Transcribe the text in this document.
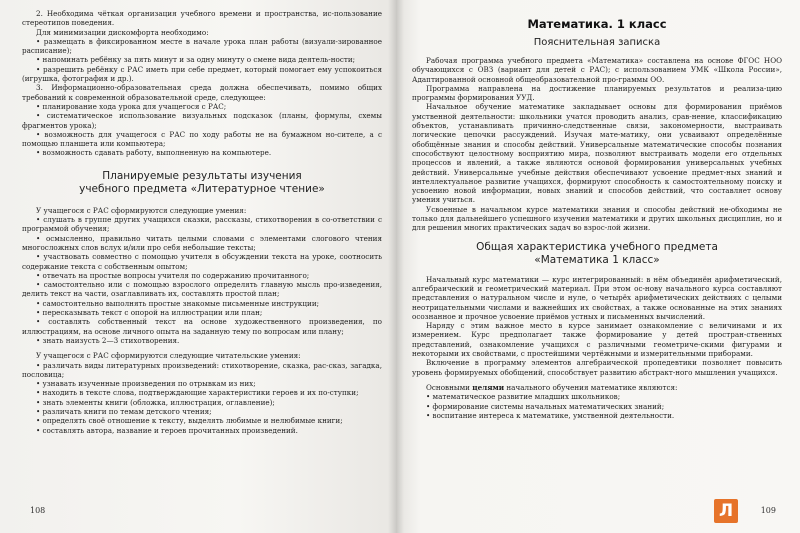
2. Необходима чёткая организация учебного времени и пространства, ис-пользование стереотипов поведения.

Для минимизации дискомфорта необходимо:

• размещать в фиксированном месте в начале урока план работы (визуали-зированное расписание);

• напоминать ребёнку за пять минут и за одну минуту о смене вида деятель-ности;

• разрешить ребёнку с РАС иметь при себе предмет, который помогает ему успокоиться (игрушка, фотография и др.).

3. Информационно-образовательная среда должна обеспечивать, помимо общих требований к современной образовательной среде, следующее:

• планирование хода урока для учащегося с РАС;

• систематическое использование визуальных подсказок (планы, формулы, схемы фрагментов урока);

• возможность для учащегося с РАС по ходу работы не на бумажном но-сителе, а с помощью планшета или компьютера;

• возможность сдавать работу, выполненную на компьютере.

Планируемые результаты изучения
учебного предмета «Литературное чтение»

У учащегося с РАС сформируются следующие умения:

• слушать в группе других учащихся сказки, рассказы, стихотворения в со-ответствии с программой обучения;

• осмысленно, правильно читать целыми словами с элементами слогового чтения многосложных слов вслух и/или про себя небольшие тексты;

• участвовать совместно с помощью учителя в обсуждении текста на уроке, соотносить содержание текста с собственным опытом;

• отвечать на простые вопросы учителя по содержанию прочитанного;

• самостоятельно или с помощью взрослого определять главную мысль про-изведения, делить текст на части, озаглавливать их, составлять простой план;

• самостоятельно выполнять простые знакомые письменные инструкции;

• пересказывать текст с опорой на иллюстрации или план;

• составлять собственный текст на основе художественного произведения, по иллюстрациям, на основе личного опыта на заданную тему по вопросам или плану;

• знать наизусть 2—3 стихотворения.

У учащегося с РАС сформируются следующие читательские умения:

• различать виды литературных произведений: стихотворение, сказка, рас-сказ, загадка, пословица;

• узнавать изученные произведения по отрывкам из них;

• находить в тексте слова, подтверждающие характеристики героев и их по-ступки;

• знать элементы книги (обложка, иллюстрация, оглавление);

• различать книги по темам детского чтения;

• определять своё отношение к тексту, выделять любимые и нелюбимые книги;

• составлять автора, название и героев прочитанных произведений.

108
Математика. 1 класс
Пояснительная записка

Рабочая программа учебного предмета «Математика» составлена на основе ФГОС НОО обучающихся с ОВЗ (вариант для детей с РАС); с использованием УМК «Школа России», Адаптированной основной общеобразовательной про-граммы ОО.

Программа направлена на достижение планируемых результатов и реализа-цию программы формирования УУД.

Начальное обучение математике закладывает основы для формирования приёмов умственной деятельности: школьники учатся проводить анализ, срав-нение, классификацию объектов, устанавливать причинно-следственные связи, закономерности, выстраивать логические цепочки рассуждений. Изучая мате-матику, они усваивают определённые обобщённые знания и способы действий. Универсальные математические способы познания способствуют целостному восприятию мира, позволяют выстраивать модели его отдельных процессов и явлений, а также являются основой формирования универсальных учебных действий. Универсальные учебные действия обеспечивают усвоение предмет-ных знаний и интеллектуальное развитие учащихся, формируют способность к самостоятельному поиску и усвоению новой информации, новых знаний и способов действий, что составляет основу умения учиться.

Усвоенные в начальном курсе математики знания и способы действий не-обходимы не только для дальнейшего успешного изучения математики и других школьных дисциплин, но и для решения многих практических задач во взрос-лой жизни.

Общая характеристика учебного предмета
«Математика 1 класс»

Начальный курс математики — курс интегрированный: в нём объединён арифметический, алгебраический и геометрический материал. При этом ос-нову начального курса составляют представления о натуральном числе и нуле, о четырёх арифметических действиях с целыми неотрицательными числами и важнейших их свойствах, а также основанные на этих знаниях осознанное и прочное усвоение приёмов устных и письменных вычислений.

Наряду с этим важное место в курсе занимает ознакомление с величинами и их измерением. Курс предполагает также формирование у детей простран-ственных представлений, ознакомление учащихся с различными геометриче-скими фигурами и некоторыми их свойствами, с простейшими чертёжными и измерительными приборами.

Включение в программу элементов алгебраической пропедевтики позволяет повысить уровень формируемых обобщений, способствует развитию абстракт-ного мышления учащихся.

Основными целями начального обучения математике являются:

• математическое развитие младших школьников;

• формирование системы начальных математических знаний;

• воспитание интереса к математике, умственной деятельности.

Л	109
